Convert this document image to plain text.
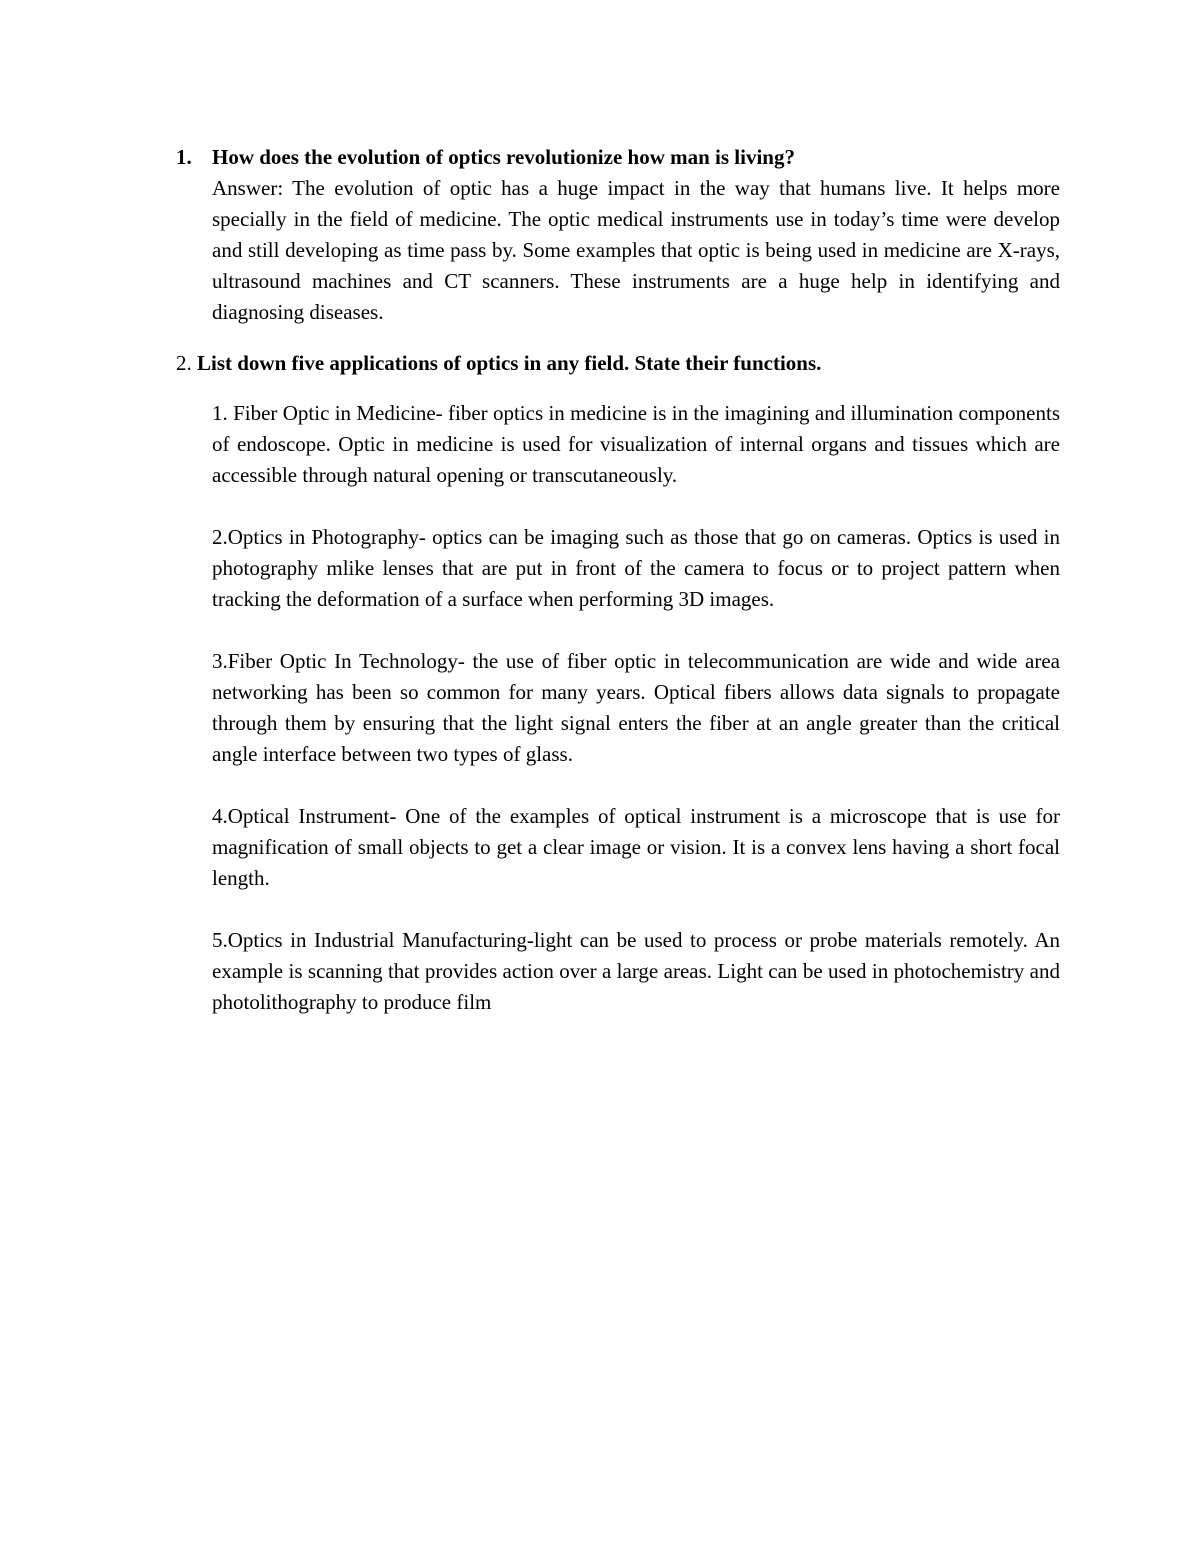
1. How does the evolution of optics revolutionize how man is living?
Answer: The evolution of optic has a huge impact in the way that humans live. It helps more specially in the field of medicine. The optic medical instruments use in today’s time were develop and still developing as time pass by. Some examples that optic is being used in medicine are X-rays, ultrasound machines and CT scanners. These instruments are a huge help in identifying and diagnosing diseases.
2. List down five applications of optics in any field. State their functions.
1. Fiber Optic in Medicine- fiber optics in medicine is in the imagining and illumination components of endoscope. Optic in medicine is used for visualization of internal organs and tissues which are accessible through natural opening or transcutaneously.
2.Optics in Photography- optics can be imaging such as those that go on cameras. Optics is used in photography mlike lenses that are put in front of the camera to focus or to project pattern when tracking the deformation of a surface when performing 3D images.
3.Fiber Optic In Technology- the use of fiber optic in telecommunication are wide and wide area networking has been so common for many years. Optical fibers allows data signals to propagate through them by ensuring that the light signal enters the fiber at an angle greater than the critical angle interface between two types of glass.
4.Optical Instrument- One of the examples of optical instrument is a microscope that is use for magnification of small objects to get a clear image or vision. It is a convex lens having a short focal length.
5.Optics in Industrial Manufacturing-light can be used to process or probe materials remotely. An example is scanning that provides action over a large areas. Light can be used in photochemistry and photolithography to produce film
